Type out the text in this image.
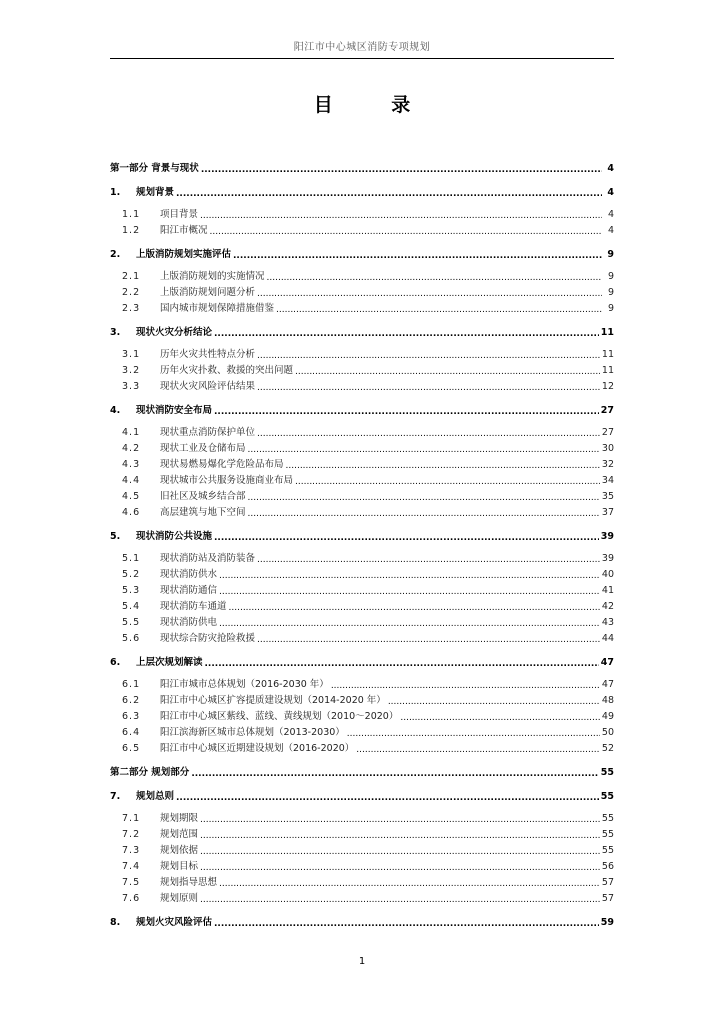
阳江市中心城区消防专项规划
目 录
第一部分 背景与现状 .....	4
1.	规划背景 .....	4
1.1	项目背景 .....	4
1.2	阳江市概况 .....	4
2.	上版消防规划实施评估 .....	9
2.1	上版消防规划的实施情况 .....	9
2.2	上版消防规划问题分析 .....	9
2.3	国内城市规划保障措施借鉴 .....	9
3.	现状火灾分析结论 .....	11
3.1	历年火灾共性特点分析 .....	11
3.2	历年火灾扑救、救援的突出问题 .....	11
3.3	现状火灾风险评估结果 .....	12
4.	现状消防安全布局 .....	27
4.1	现状重点消防保护单位 .....	27
4.2	现状工业及仓储布局 .....	30
4.3	现状易燃易爆化学危险品布局 .....	32
4.4	现状城市公共服务设施商业布局 .....	34
4.5	旧社区及城乡结合部 .....	35
4.6	高层建筑与地下空间 .....	37
5.	现状消防公共设施 .....	39
5.1	现状消防站及消防装备 .....	39
5.2	现状消防供水 .....	40
5.3	现状消防通信 .....	41
5.4	现状消防车通道 .....	42
5.5	现状消防供电 .....	43
5.6	现状综合防灾抢险救援 .....	44
6.	上层次规划解读 .....	47
6.1	阳江市城市总体规划（2016-2030 年） .....	47
6.2	阳江市中心城区扩容提质建设规划（2014-2020 年） .....	48
6.3	阳江市中心城区紫线、蓝线、黄线规划（2010～2020） .....	49
6.4	阳江滨海新区城市总体规划（2013-2030） .....	50
6.5	阳江市中心城区近期建设规划（2016-2020） .....	52
第二部分 规划部分 .....	55
7.	规划总则 .....	55
7.1	规划期限 .....	55
7.2	规划范围 .....	55
7.3	规划依据 .....	55
7.4	规划目标 .....	56
7.5	规划指导思想 .....	57
7.6	规划原则 .....	57
8.	规划火灾风险评估 .....	59
1
